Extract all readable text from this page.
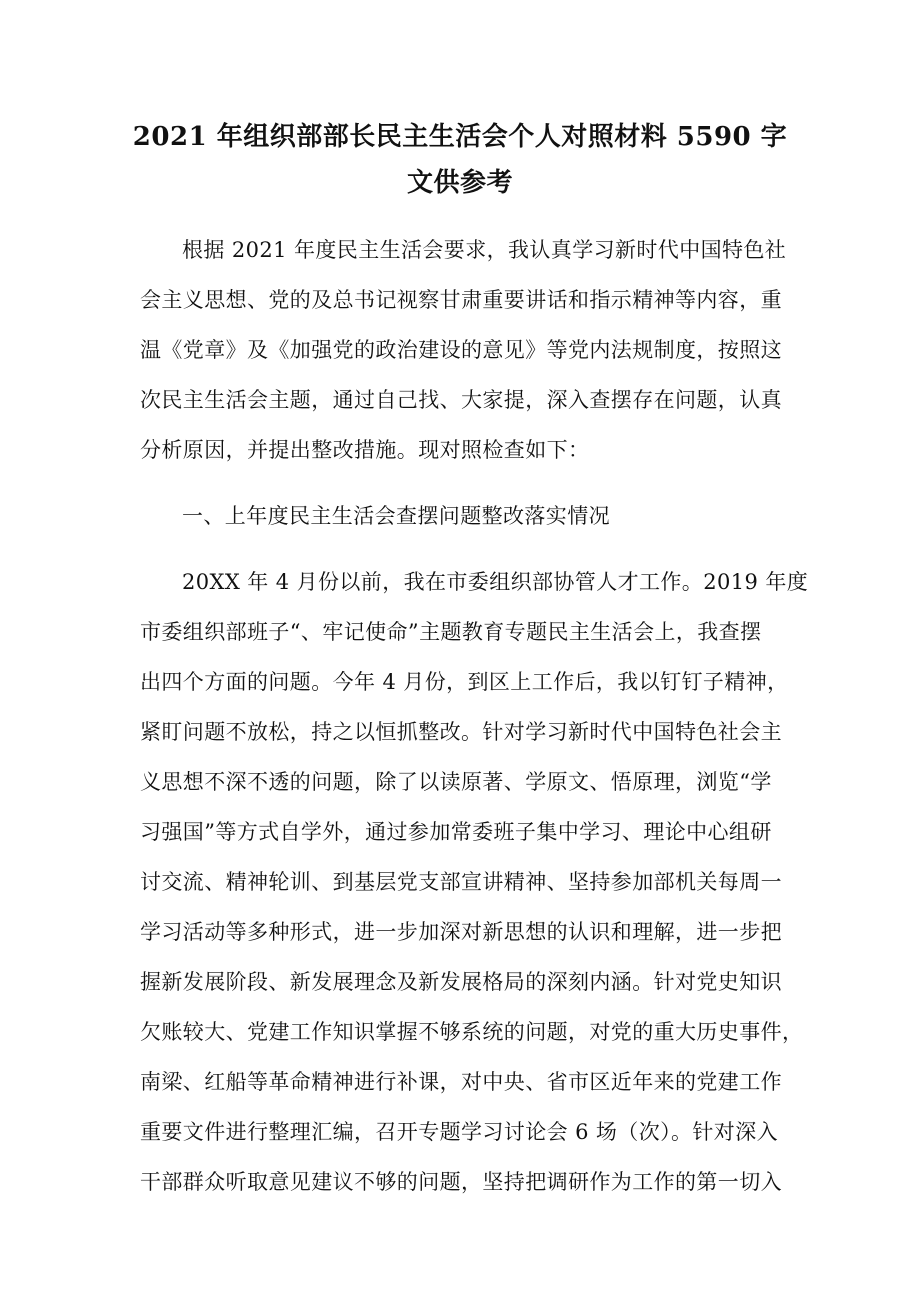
2021 年组织部部长民主生活会个人对照材料 5590 字
文供参考
根据 2021 年度民主生活会要求，我认真学习新时代中国特色社
会主义思想、党的及总书记视察甘肃重要讲话和指示精神等内容，重
温《党章》及《加强党的政治建设的意见》等党内法规制度，按照这
次民主生活会主题，通过自己找、大家提，深入查摆存在问题，认真
分析原因，并提出整改措施。现对照检查如下：
一、上年度民主生活会查摆问题整改落实情况
20XX 年 4 月份以前，我在市委组织部协管人才工作。2019 年度
市委组织部班子“、牢记使命”主题教育专题民主生活会上，我查摆
出四个方面的问题。今年 4 月份，到区上工作后，我以钉钉子精神，
紧盯问题不放松，持之以恒抓整改。针对学习新时代中国特色社会主
义思想不深不透的问题，除了以读原著、学原文、悟原理，浏览“学
习强国”等方式自学外，通过参加常委班子集中学习、理论中心组研
讨交流、精神轮训、到基层党支部宣讲精神、坚持参加部机关每周一
学习活动等多种形式，进一步加深对新思想的认识和理解，进一步把
握新发展阶段、新发展理念及新发展格局的深刻内涵。针对党史知识
欠账较大、党建工作知识掌握不够系统的问题，对党的重大历史事件，
南梁、红船等革命精神进行补课，对中央、省市区近年来的党建工作
重要文件进行整理汇编，召开专题学习讨论会 6 场（次）。针对深入
干部群众听取意见建议不够的问题，坚持把调研作为工作的第一切入
